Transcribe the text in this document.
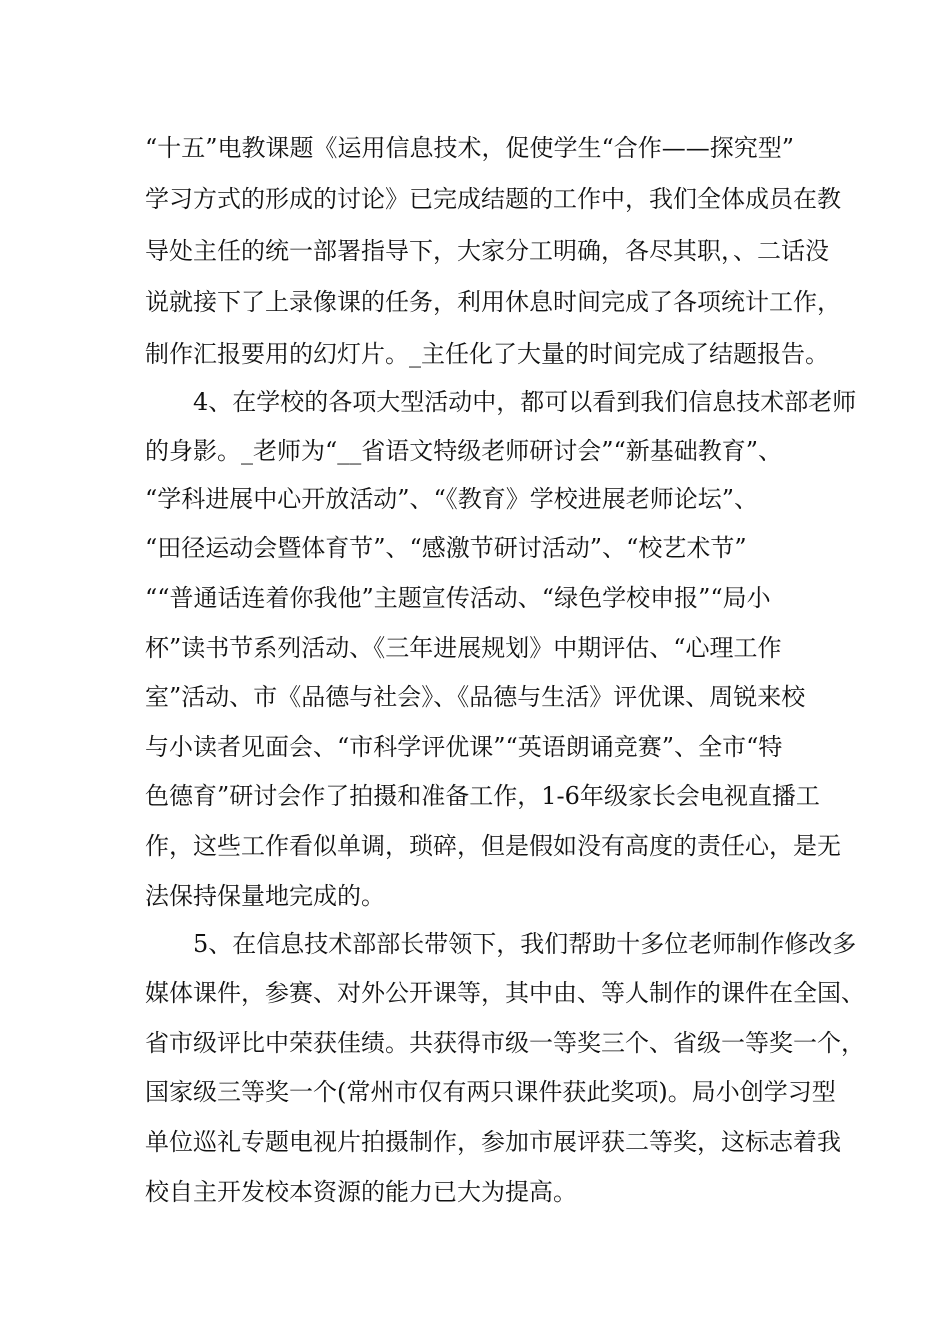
“十五”电教课题《运用信息技术，促使学生“合作——探究型”
学习方式的形成的讨论》已完成结题的工作中，我们全体成员在教
导处主任的统一部署指导下，大家分工明确，各尽其职，、二话没
说就接下了上录像课的任务，利用休息时间完成了各项统计工作，
制作汇报要用的幻灯片。_主任化了大量的时间完成了结题报告。
　　4、在学校的各项大型活动中，都可以看到我们信息技术部老师
的身影。_老师为“__省语文特级老师研讨会”“新基础教育”、
“学科进展中心开放活动”、“《教育》学校进展老师论坛”、
“田径运动会暨体育节”、“感激节研讨活动”、“校艺术节”
““普通话连着你我他”主题宣传活动、“绿色学校申报”“局小
杯”读书节系列活动、《三年进展规划》中期评估、“心理工作
室”活动、市《品德与社会》、《品德与生活》评优课、周锐来校
与小读者见面会、“市科学评优课”“英语朗诵竞赛”、全市“特
色德育”研讨会作了拍摄和准备工作，1-6年级家长会电视直播工
作，这些工作看似单调，琐碎，但是假如没有高度的责任心，是无
法保持保量地完成的。
　　5、在信息技术部部长带领下，我们帮助十多位老师制作修改多
媒体课件，参赛、对外公开课等，其中由、等人制作的课件在全国、
省市级评比中荣获佳绩。共获得市级一等奖三个、省级一等奖一个，
国家级三等奖一个(常州市仅有两只课件获此奖项)。局小创学习型
单位巡礼专题电视片拍摄制作，参加市展评获二等奖，这标志着我
校自主开发校本资源的能力已大为提高。
